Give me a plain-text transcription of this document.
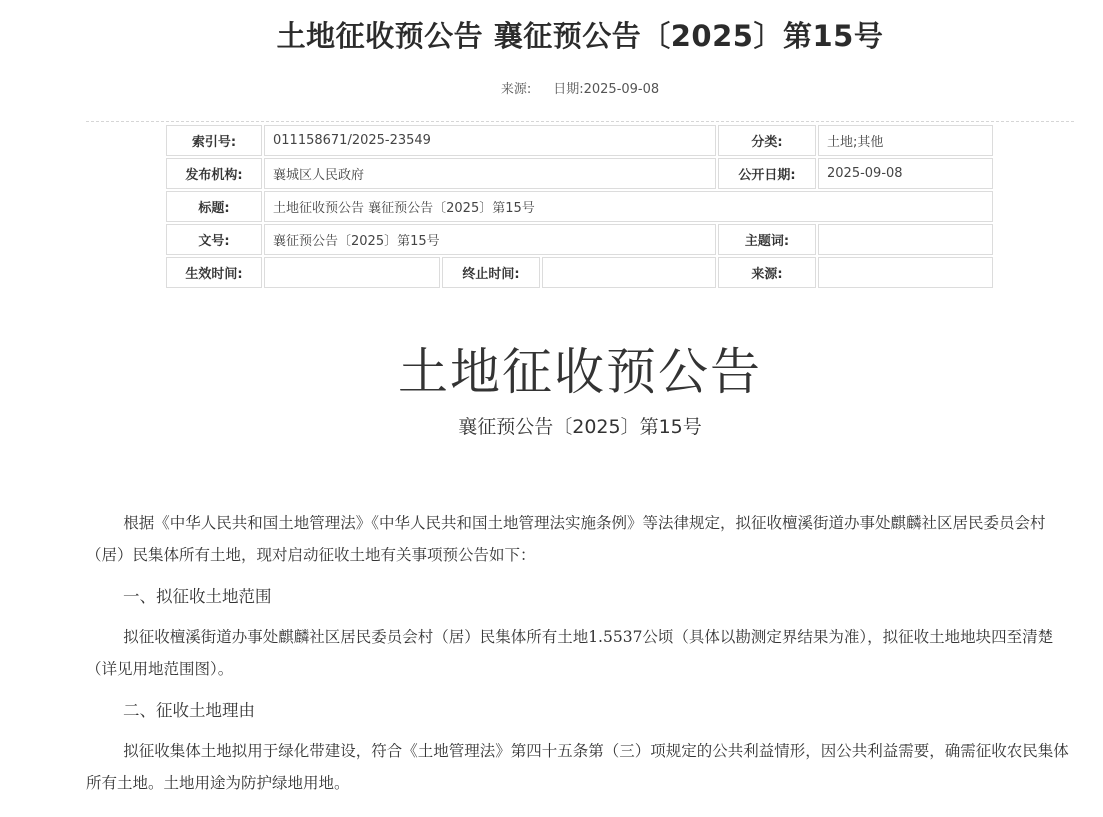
土地征收预公告 襄征预公告〔2025〕第15号
来源: 日期:2025-09-08
索引号:	011158671/2025-23549			分类:	土地;其他
发布机构:	襄城区人民政府			公开日期:	2025-09-08
标题:	土地征收预公告 襄征预公告〔2025〕第15号				
文号:	襄征预公告〔2025〕第15号			主题词:	
生效时间:		终止时间:		来源:	
土地征收预公告
襄征预公告〔2025〕第15号

根据《中华人民共和国土地管理法》《中华人民共和国土地管理法实施条例》等法律规定，拟征收檀溪街道办事处麒麟社区居民委员会村（居）民集体所有土地，现对启动征收土地有关事项预公告如下：

一、拟征收土地范围

拟征收檀溪街道办事处麒麟社区居民委员会村（居）民集体所有土地1.5537公顷（具体以勘测定界结果为准），拟征收土地地块四至清楚（详见用地范围图）。

二、征收土地理由

拟征收集体土地拟用于绿化带建设，符合《土地管理法》第四十五条第（三）项规定的公共利益情形，因公共利益需要，确需征收农民集体所有土地。土地用途为防护绿地用地。
